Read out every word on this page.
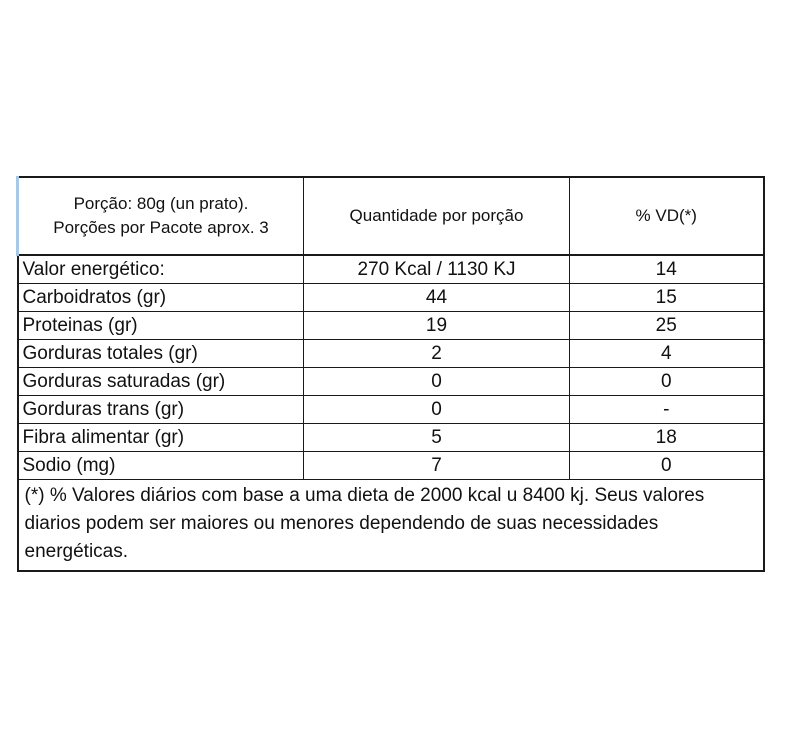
Porção: 80g (un prato).
Porções por Pacote aprox. 3	Quantidade por porção	% VD(*)
Valor energético:	270 Kcal / 1130 KJ	14
Carboidratos (gr)	44	15
Proteinas (gr)	19	25
Gorduras totales (gr)	2	4
Gorduras saturadas (gr)	0	0
Gorduras trans (gr)	0	-
Fibra alimentar (gr)	5	18
Sodio (mg)	7	0
(*) % Valores diários com base a uma dieta de 2000 kcal u 8400 kj. Seus valores diarios podem ser maiores ou menores dependendo de suas necessidades energéticas.		
